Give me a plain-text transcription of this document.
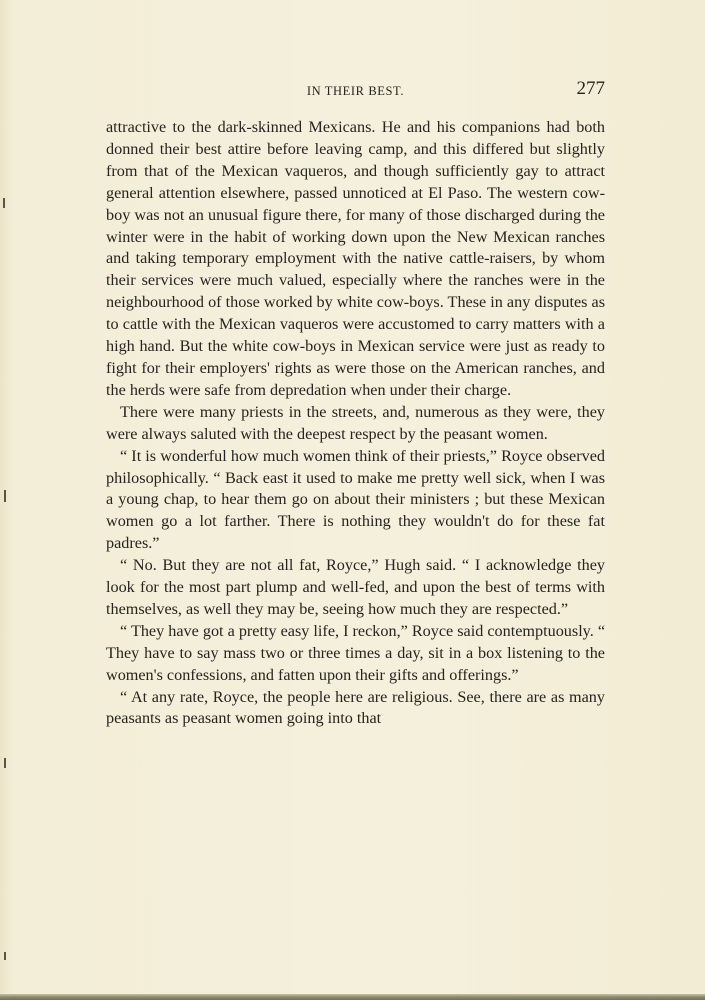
IN THEIR BEST.	277

attractive to the dark-skinned Mexicans. He and his companions had both donned their best attire before leaving camp, and this differed but slightly from that of the Mexican vaqueros, and though sufficiently gay to attract general attention elsewhere, passed unnoticed at El Paso. The western cow-boy was not an unusual figure there, for many of those discharged during the winter were in the habit of working down upon the New Mexican ranches and taking temporary employment with the native cattle-raisers, by whom their services were much valued, especially where the ranches were in the neighbourhood of those worked by white cow-boys. These in any disputes as to cattle with the Mexican vaqueros were accustomed to carry matters with a high hand. But the white cow-boys in Mexican service were just as ready to fight for their employers' rights as were those on the American ranches, and the herds were safe from depredation when under their charge.

There were many priests in the streets, and, numerous as they were, they were always saluted with the deepest respect by the peasant women.

“ It is wonderful how much women think of their priests,” Royce observed philosophically. “ Back east it used to make me pretty well sick, when I was a young chap, to hear them go on about their ministers ; but these Mexican women go a lot farther. There is nothing they wouldn't do for these fat padres.”

“ No. But they are not all fat, Royce,” Hugh said. “ I acknowledge they look for the most part plump and well-fed, and upon the best of terms with themselves, as well they may be, seeing how much they are respected.”

“ They have got a pretty easy life, I reckon,” Royce said contemptuously. “ They have to say mass two or three times a day, sit in a box listening to the women's confessions, and fatten upon their gifts and offerings.”

“ At any rate, Royce, the people here are religious. See, there are as many peasants as peasant women going into that
